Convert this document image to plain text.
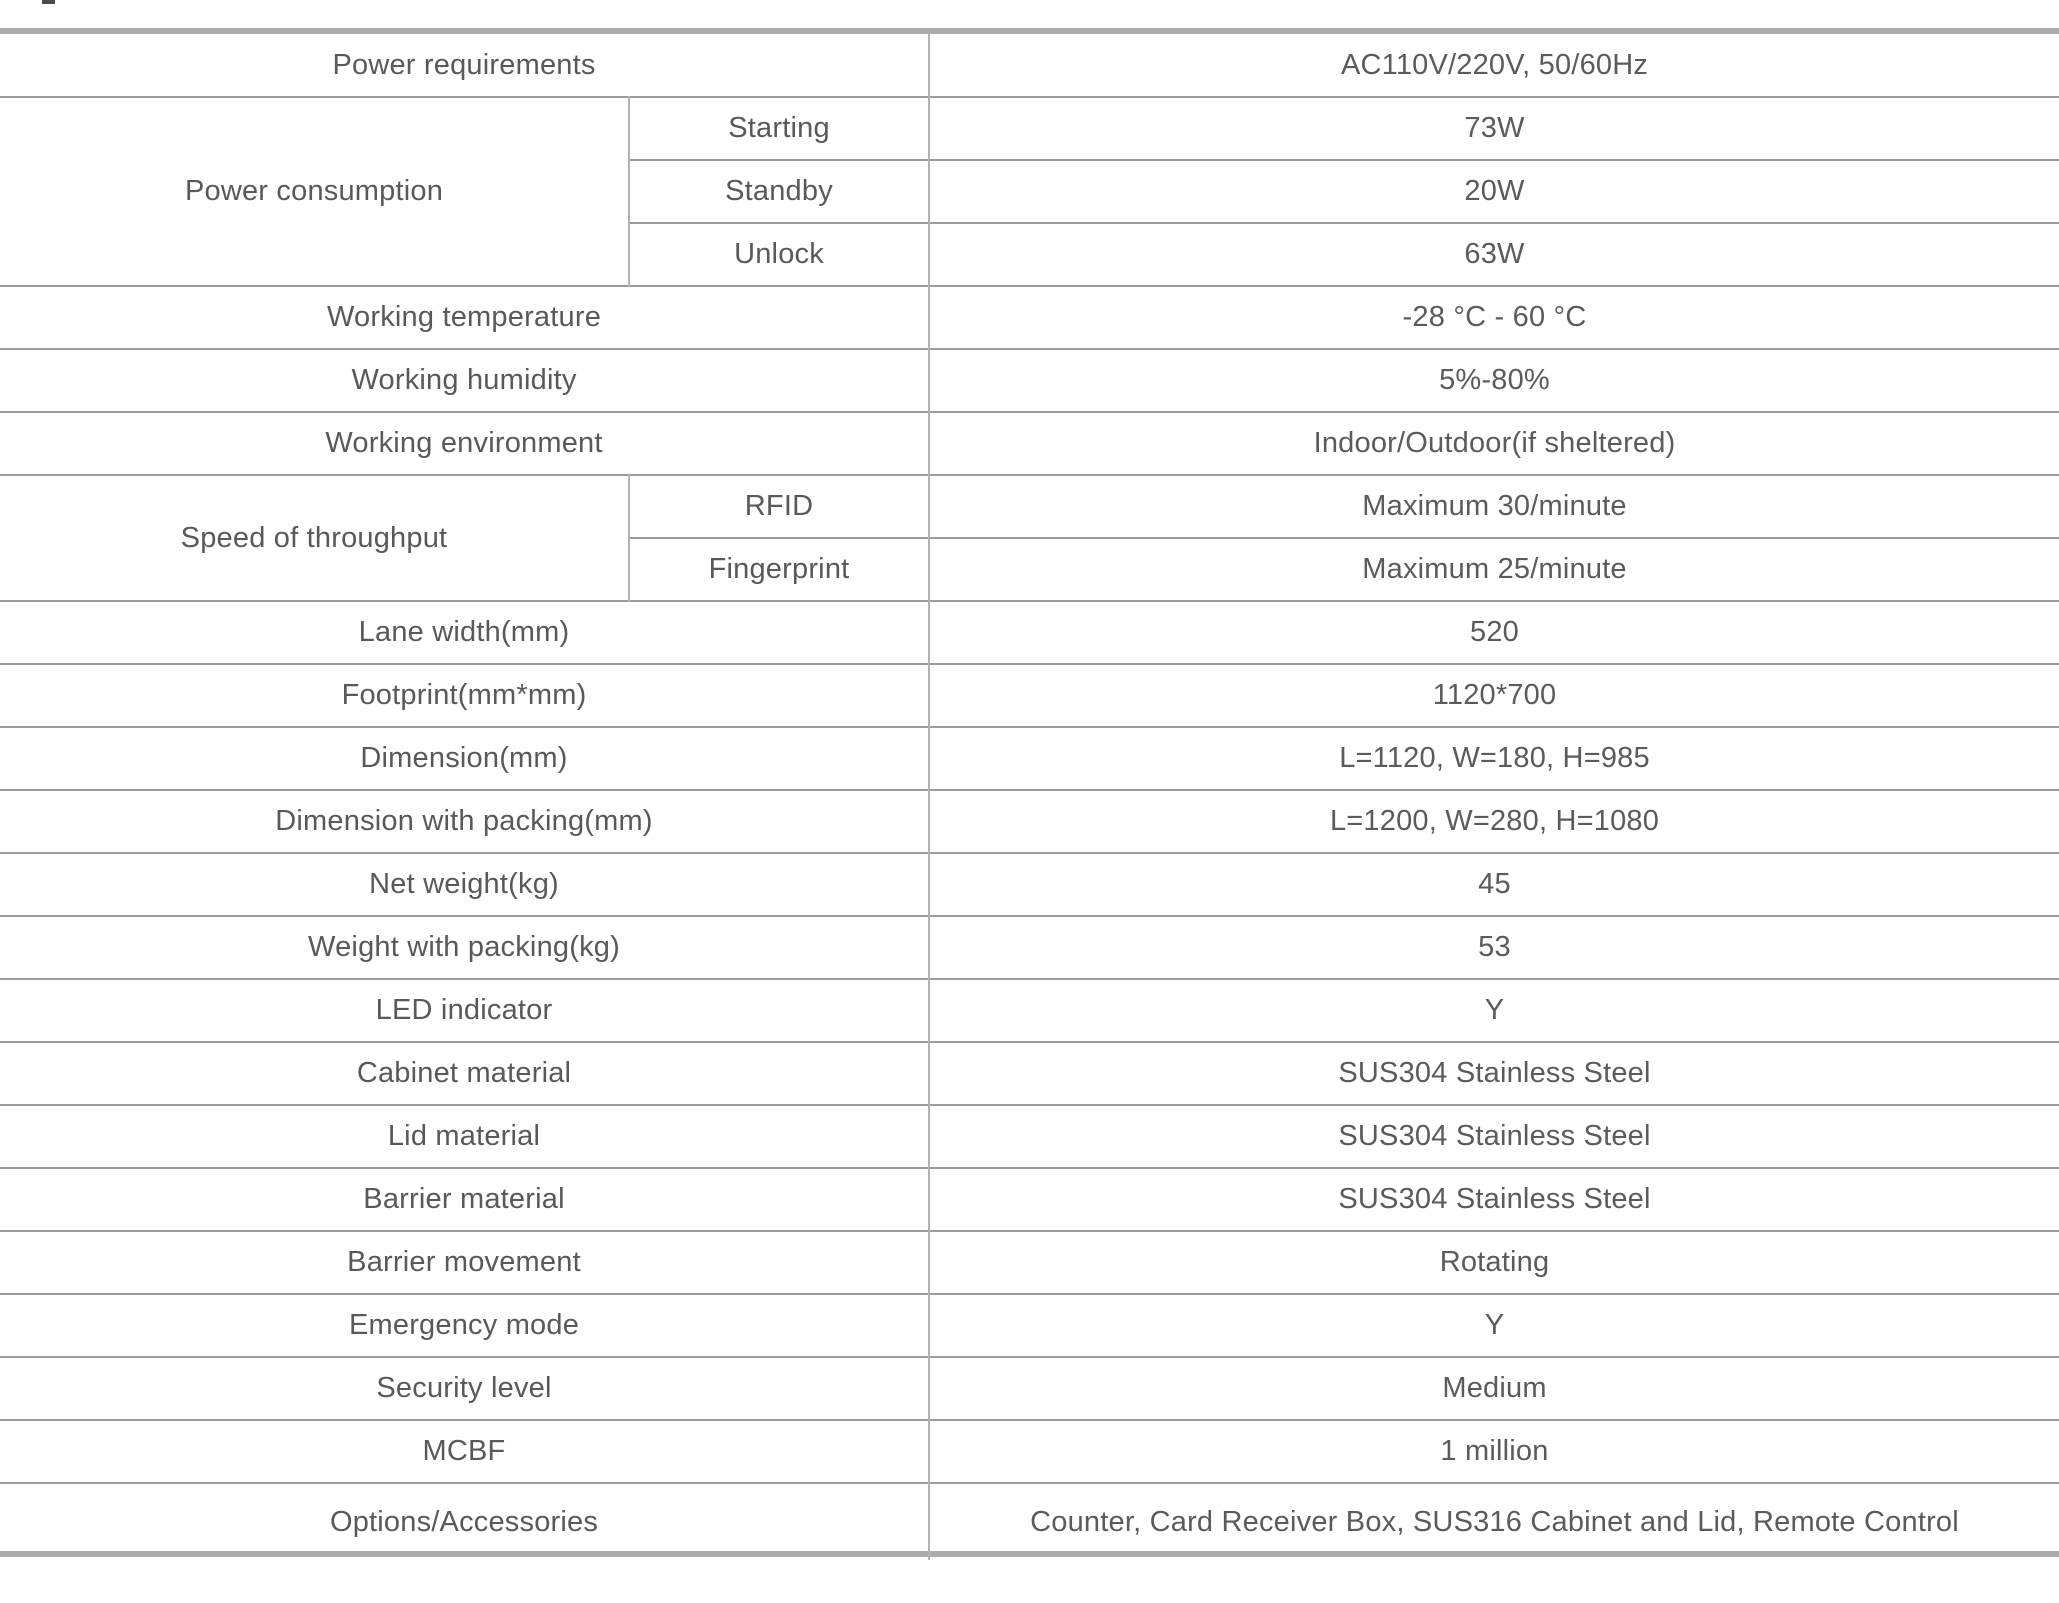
Power requirements		AC110V/220V, 50/60Hz
Power consumption	Starting	73W
	Standby	20W
	Unlock	63W
Working temperature		-28 °C - 60 °C
Working humidity		5%-80%
Working environment		Indoor/Outdoor(if sheltered)
Speed of throughput	RFID	Maximum 30/minute
	Fingerprint	Maximum 25/minute
Lane width(mm)		520
Footprint(mm*mm)		1120*700
Dimension(mm)		L=1120, W=180, H=985
Dimension with packing(mm)		L=1200, W=280, H=1080
Net weight(kg)		45
Weight with packing(kg)		53
LED indicator		Y
Cabinet material		SUS304 Stainless Steel
Lid material		SUS304 Stainless Steel
Barrier material		SUS304 Stainless Steel
Barrier movement		Rotating
Emergency mode		Y
Security level		Medium
MCBF		1 million
Options/Accessories		Counter, Card Receiver Box, SUS316 Cabinet and Lid, Remote Control
